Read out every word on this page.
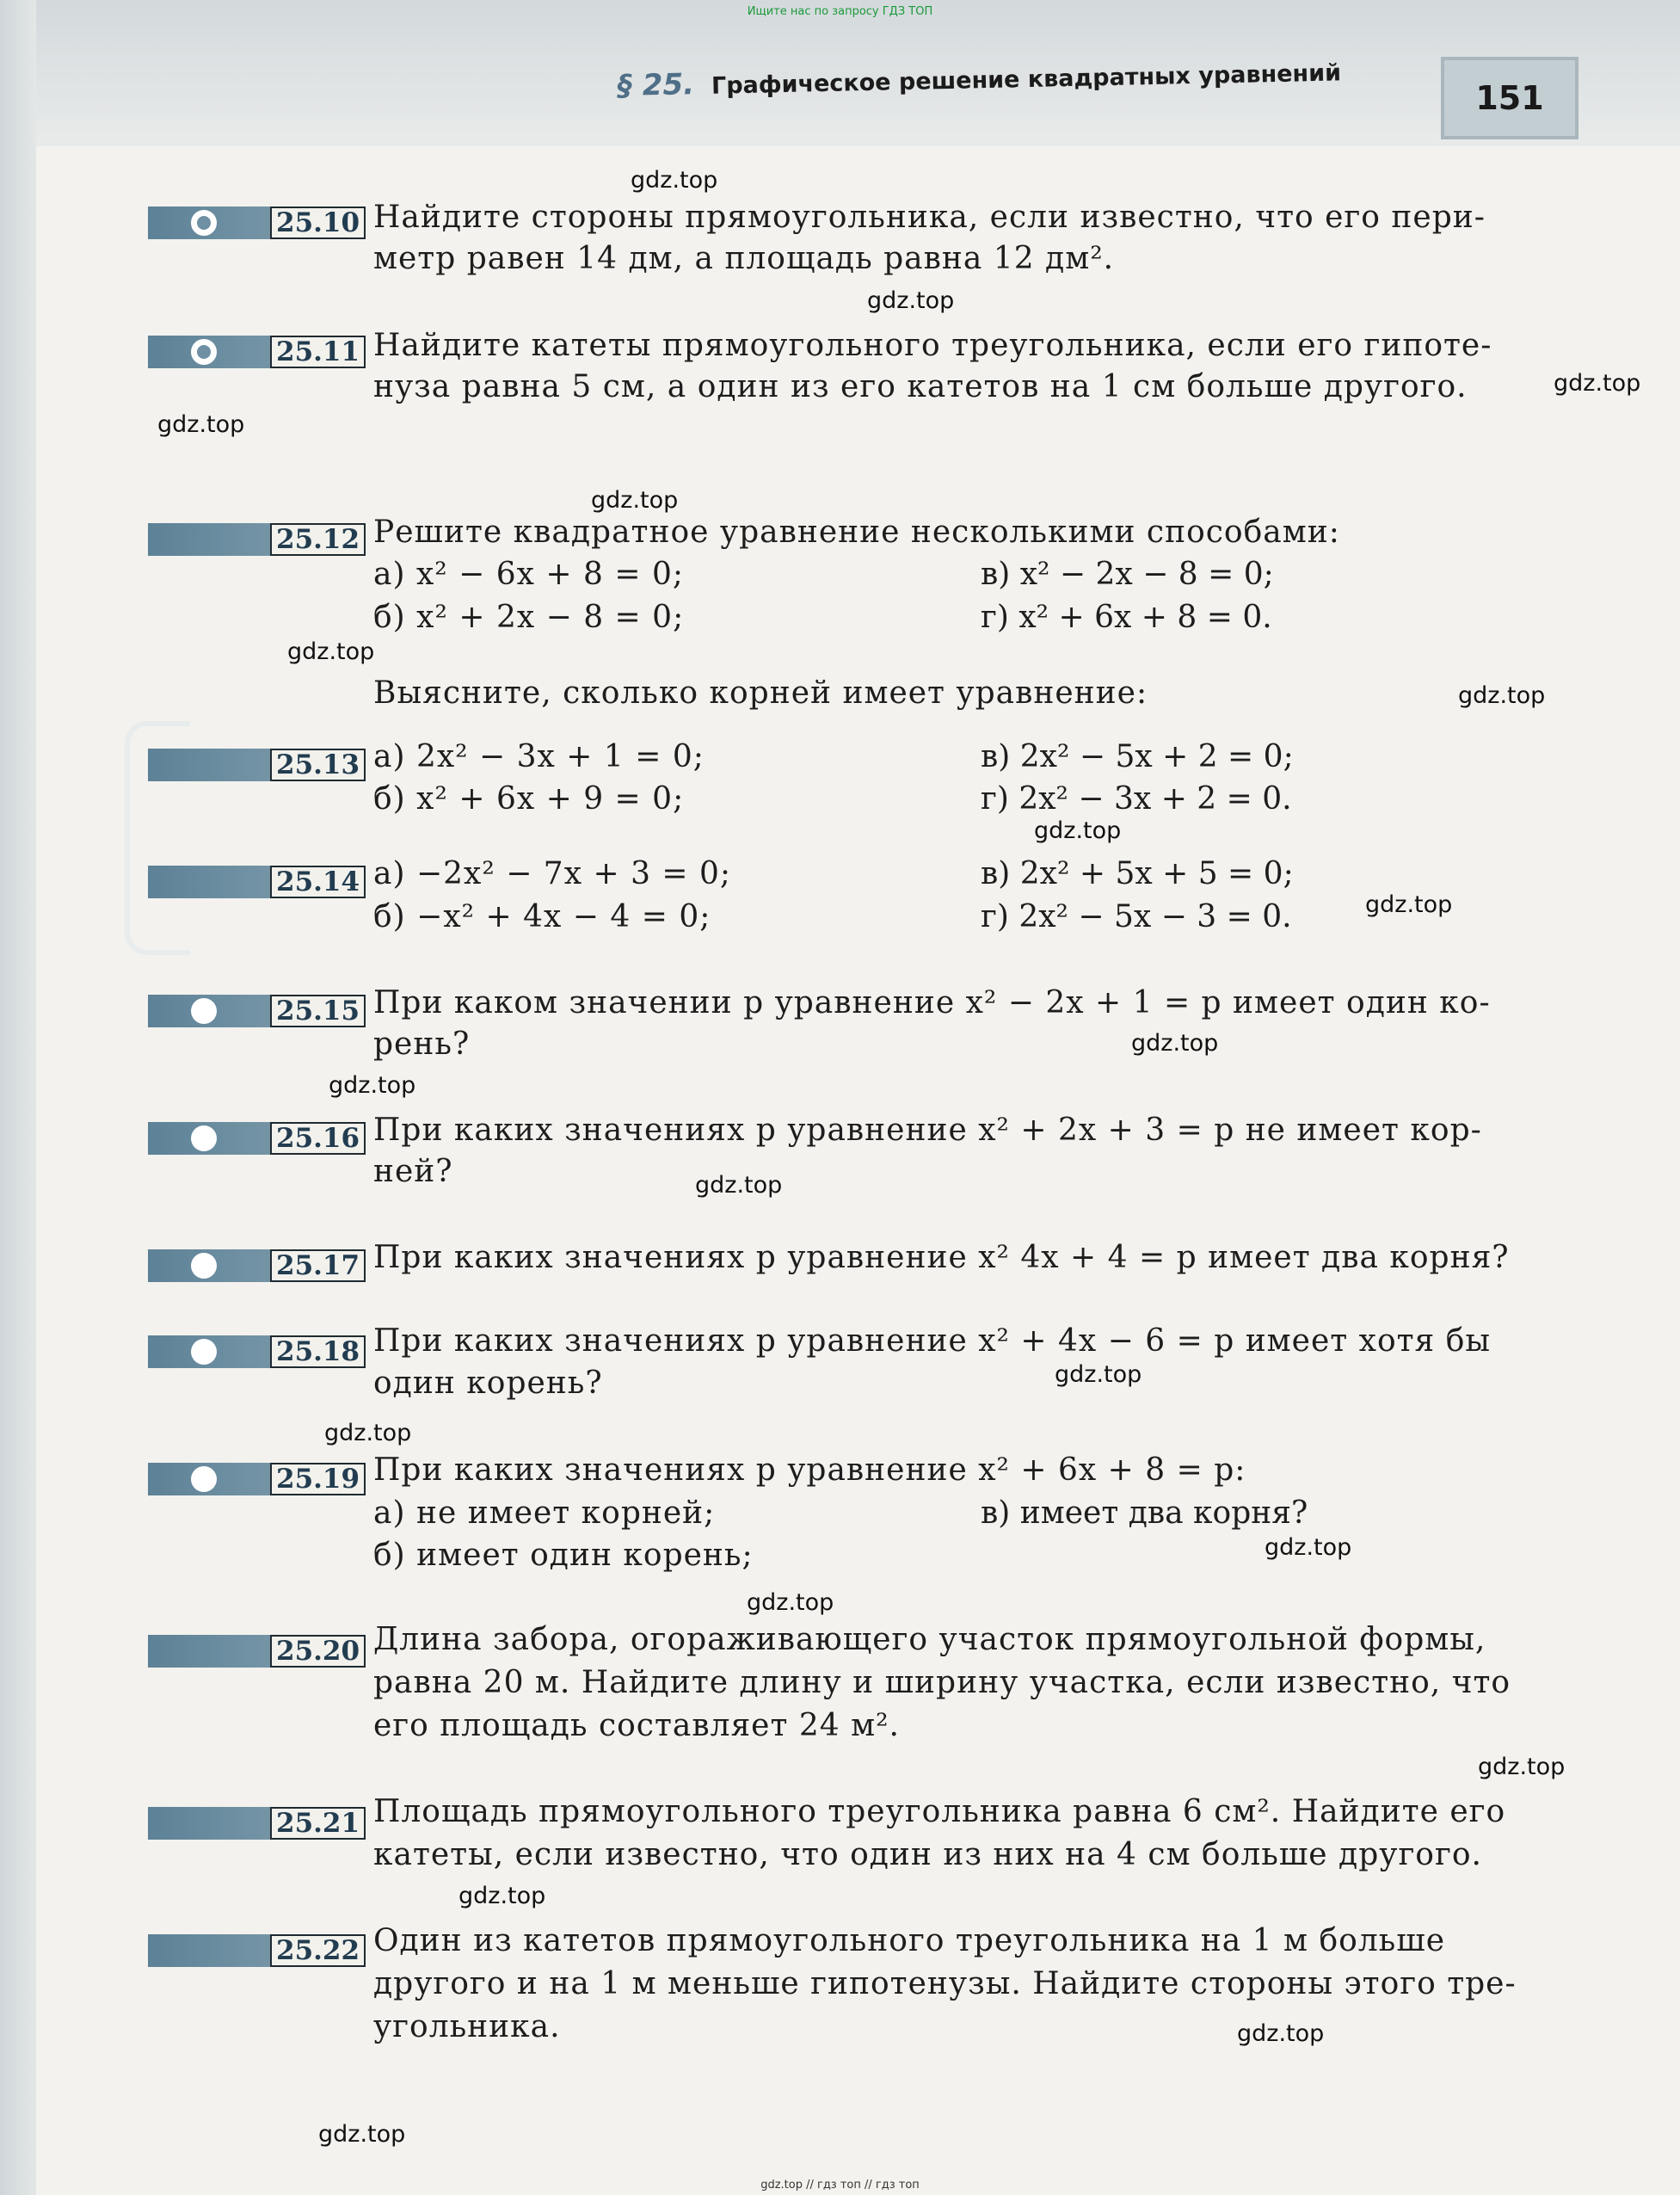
Ищите нас по запросу ГДЗ ТОП
§ 25. Графическое решение квадратных уравнений	151
25.10 Найдите стороны прямоугольника, если известно, что его пери-
метр равен 14 дм, а площадь равна 12 дм².
25.11 Найдите катеты прямоугольного треугольника, если его гипоте-
нуза равна 5 см, а один из его катетов на 1 см больше другого.
25.12 Решите квадратное уравнение несколькими способами:
а) x² − 6x + 8 = 0;	в) x² − 2x − 8 = 0;
б) x² + 2x − 8 = 0;	г) x² + 6x + 8 = 0.
Выясните, сколько корней имеет уравнение:
25.13 а) 2x² − 3x + 1 = 0;	в) 2x² − 5x + 2 = 0;
б) x² + 6x + 9 = 0;	г) 2x² − 3x + 2 = 0.
25.14 а) −2x² − 7x + 3 = 0;	в) 2x² + 5x + 5 = 0;
б) −x² + 4x − 4 = 0;	г) 2x² − 5x − 3 = 0.
25.15 При каком значении p уравнение x² − 2x + 1 = p имеет один ко-
рень?
25.16 При каких значениях p уравнение x² + 2x + 3 = p не имеет кор-
ней?
25.17 При каких значениях p уравнение x² 4x + 4 = p имеет два корня?
25.18 При каких значениях p уравнение x² + 4x − 6 = p имеет хотя бы
один корень?
25.19 При каких значениях p уравнение x² + 6x + 8 = p:
а) не имеет корней;	в) имеет два корня?
б) имеет один корень;
25.20 Длина забора, огораживающего участок прямоугольной формы,
равна 20 м. Найдите длину и ширину участка, если известно, что
его площадь составляет 24 м².
25.21 Площадь прямоугольного треугольника равна 6 см². Найдите его
катеты, если известно, что один из них на 4 см больше другого.
25.22 Один из катетов прямоугольного треугольника на 1 м больше
другого и на 1 м меньше гипотенузы. Найдите стороны этого тре-
угольника.
gdz.top
gdz.top
gdz.top
gdz.top
gdz.top
gdz.top
gdz.top
gdz.top
gdz.top
gdz.top
gdz.top
gdz.top
gdz.top
gdz.top
gdz.top
gdz.top
gdz.top
gdz.top
gdz.top
gdz.top
gdz.top // гдз топ // гдз топ
